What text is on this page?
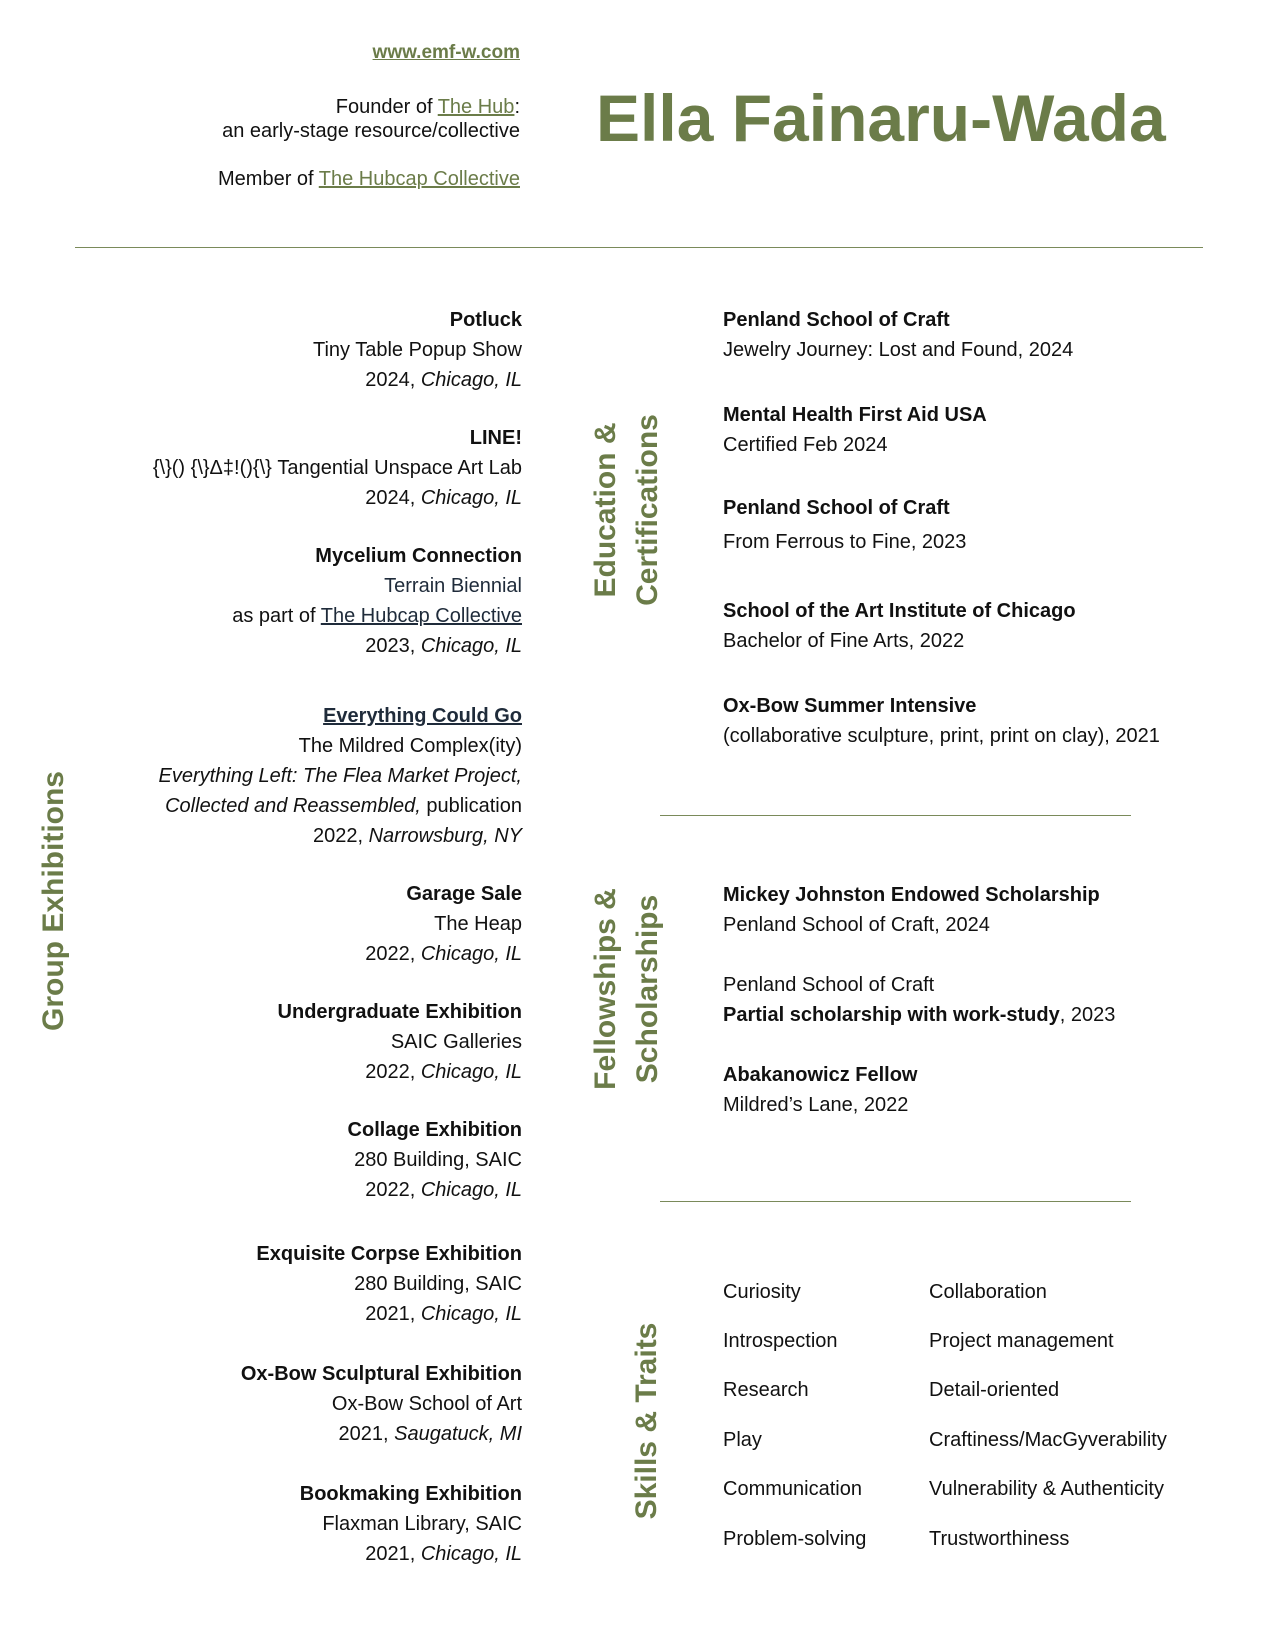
www.emf-w.com
Founder of The Hub:
an early-stage resource/collective
Member of The Hubcap Collective
Ella Fainaru-Wada
Group Exhibitions
Education & Certifications
Fellowships & Scholarships
Skills & Traits
Potluck
Tiny Table Popup Show
2024, Chicago, IL
LINE!
{\}() {\}Δ‡!(){\} Tangential Unspace Art Lab
2024, Chicago, IL
Mycelium Connection
Terrain Biennial
as part of The Hubcap Collective
2023, Chicago, IL
Everything Could Go
The Mildred Complex(ity)
Everything Left: The Flea Market Project,
Collected and Reassembled, publication
2022, Narrowsburg, NY
Garage Sale
The Heap
2022, Chicago, IL
Undergraduate Exhibition
SAIC Galleries
2022, Chicago, IL
Collage Exhibition
280 Building, SAIC
2022, Chicago, IL
Exquisite Corpse Exhibition
280 Building, SAIC
2021, Chicago, IL
Ox-Bow Sculptural Exhibition
Ox-Bow School of Art
2021, Saugatuck, MI
Bookmaking Exhibition
Flaxman Library, SAIC
2021, Chicago, IL
Penland School of Craft
Jewelry Journey: Lost and Found, 2024
Mental Health First Aid USA
Certified Feb 2024
Penland School of Craft
From Ferrous to Fine, 2023
School of the Art Institute of Chicago
Bachelor of Fine Arts, 2022
Ox-Bow Summer Intensive
(collaborative sculpture, print, print on clay), 2021
Mickey Johnston Endowed Scholarship
Penland School of Craft, 2024
Penland School of Craft
Partial scholarship with work-study, 2023
Abakanowicz Fellow
Mildred’s Lane, 2022
Curiosity
Introspection
Research
Play
Communication
Problem-solving
Collaboration
Project management
Detail-oriented
Craftiness/MacGyverability
Vulnerability & Authenticity
Trustworthiness
